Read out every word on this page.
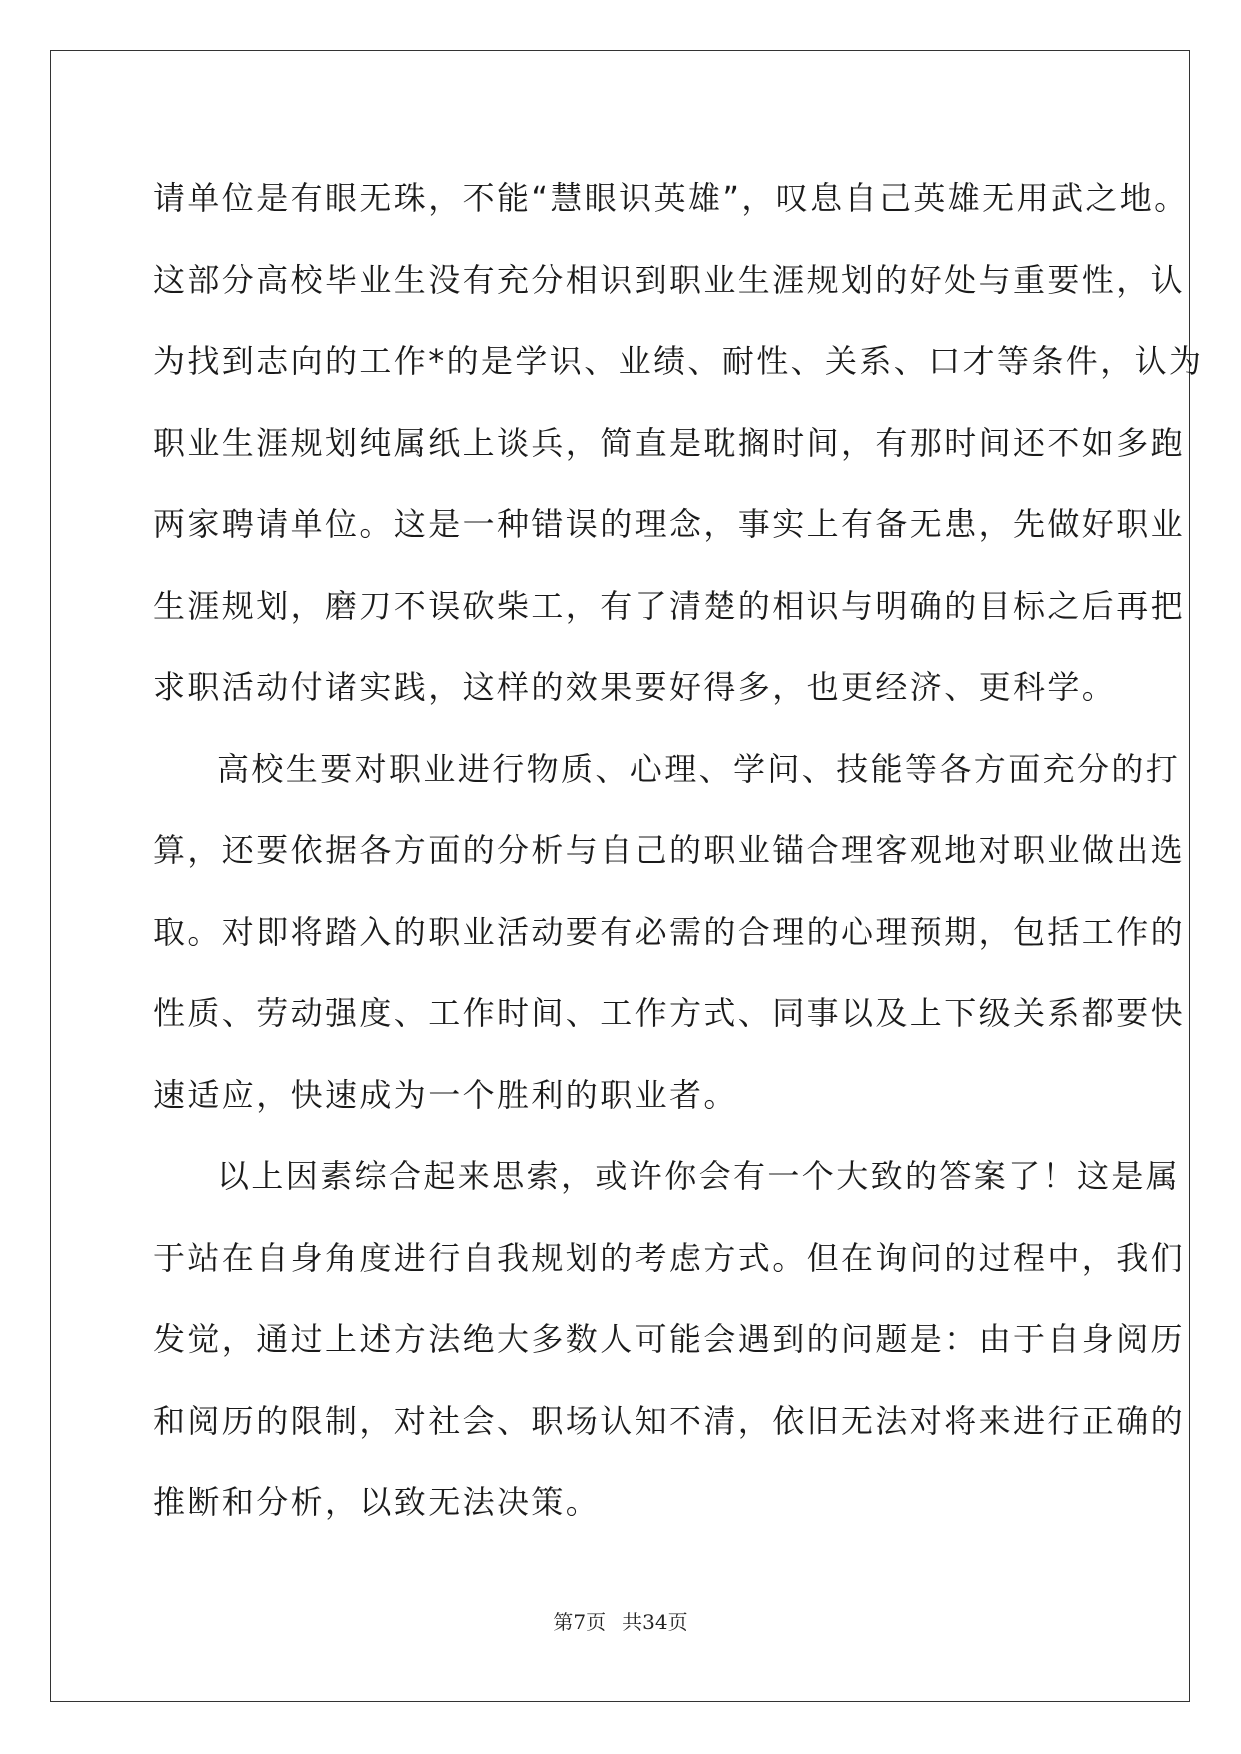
请单位是有眼无珠，不能“慧眼识英雄”，叹息自己英雄无用武之地。

这部分高校毕业生没有充分相识到职业生涯规划的好处与重要性，认

为找到志向的工作*的是学识、业绩、耐性、关系、口才等条件，认为

职业生涯规划纯属纸上谈兵，简直是耽搁时间，有那时间还不如多跑

两家聘请单位。这是一种错误的理念，事实上有备无患，先做好职业

生涯规划，磨刀不误砍柴工，有了清楚的相识与明确的目标之后再把

求职活动付诸实践，这样的效果要好得多，也更经济、更科学。

高校生要对职业进行物质、心理、学问、技能等各方面充分的打

算，还要依据各方面的分析与自己的职业锚合理客观地对职业做出选

取。对即将踏入的职业活动要有必需的合理的心理预期，包括工作的

性质、劳动强度、工作时间、工作方式、同事以及上下级关系都要快

速适应，快速成为一个胜利的职业者。

以上因素综合起来思索，或许你会有一个大致的答案了！这是属

于站在自身角度进行自我规划的考虑方式。但在询问的过程中，我们

发觉，通过上述方法绝大多数人可能会遇到的问题是：由于自身阅历

和阅历的限制，对社会、职场认知不清，依旧无法对将来进行正确的

推断和分析，以致无法决策。

第7页 共34页
